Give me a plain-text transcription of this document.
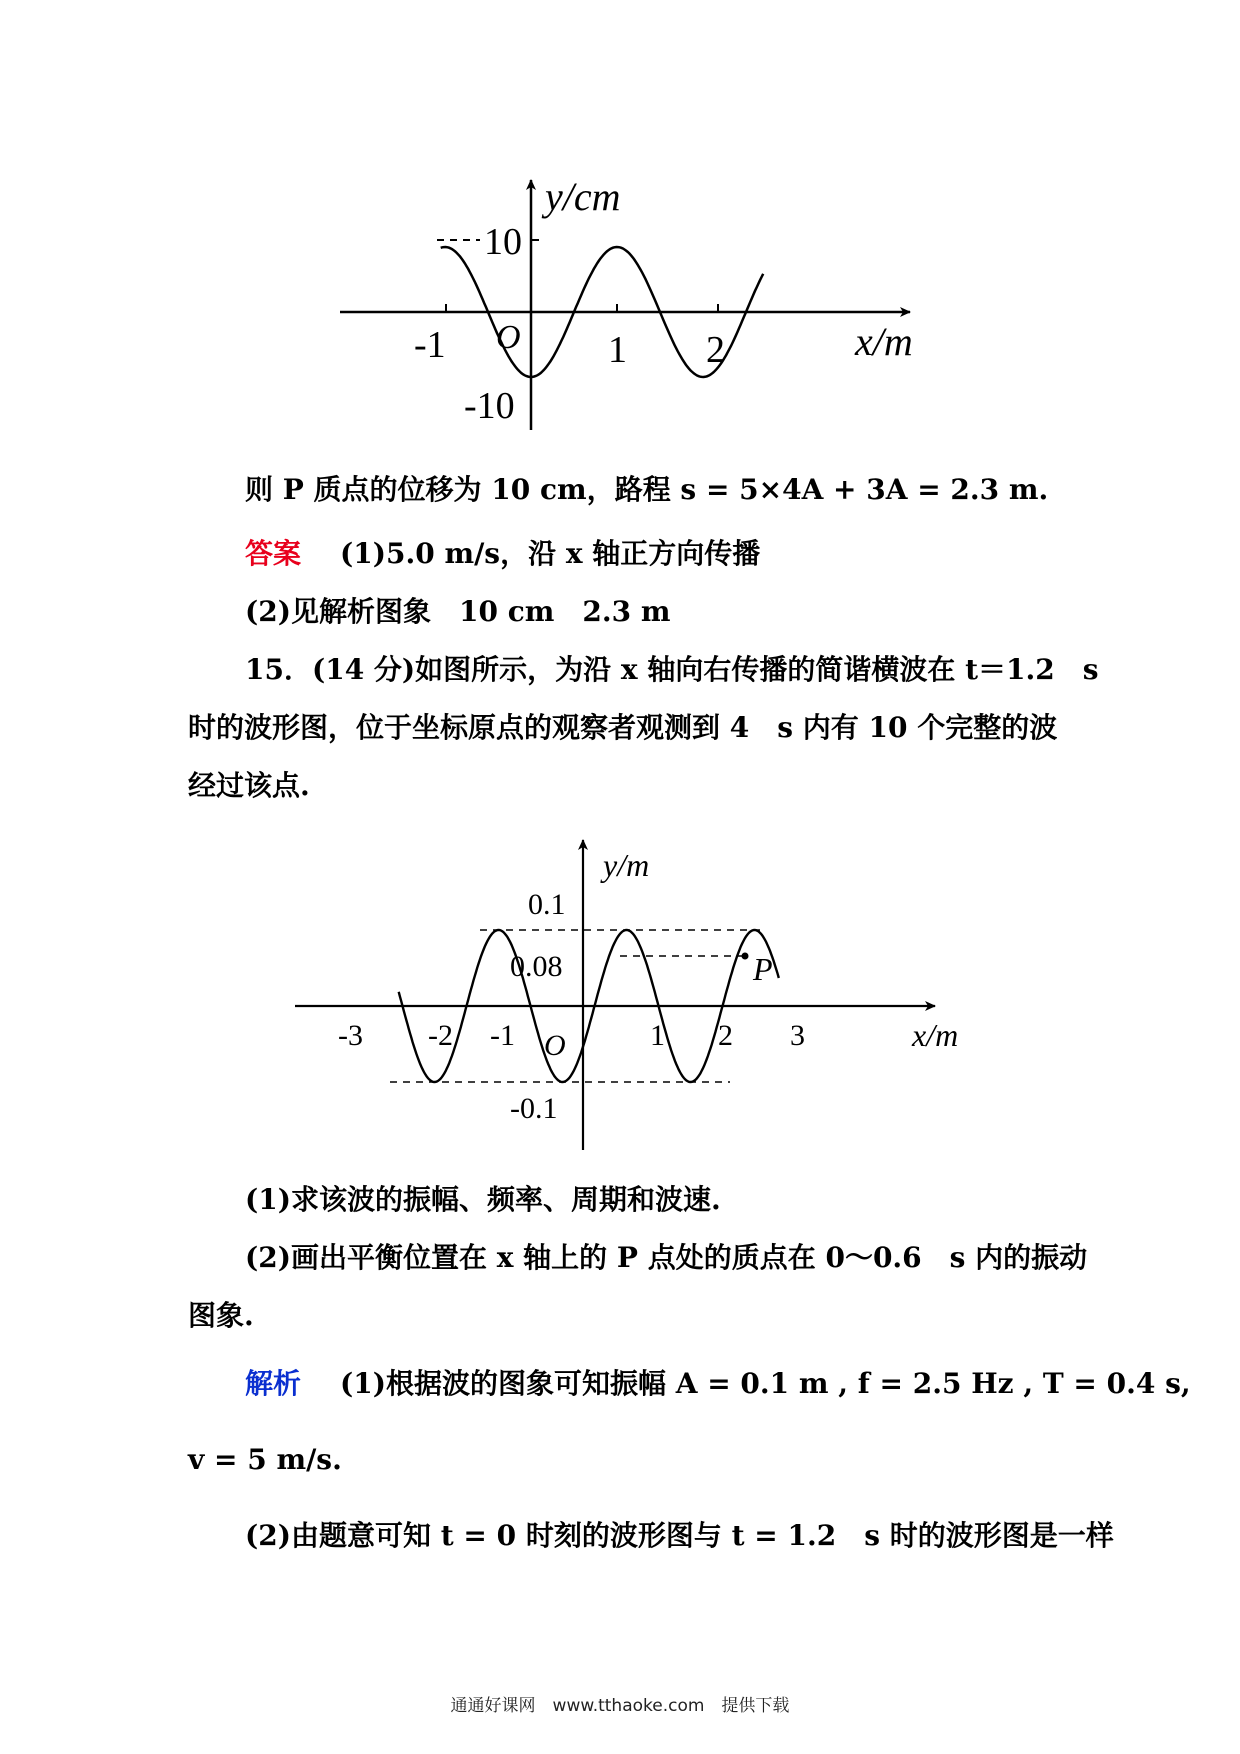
y/cm
x/m
O
10
-10
-1	1 2
则 P 质点的位移为 10 cm，路程 s = 5×4A + 3A = 2.3 m.
答案 (1)5.0 m/s，沿 x 轴正方向传播
(2)见解析图象　10 cm　2.3 m
15．(14 分)如图所示，为沿 x 轴向右传播的简谐横波在 t＝1.2　s
时的波形图，位于坐标原点的观察者观测到 4　s 内有 10 个完整的波
经过该点.
P
y/m
x/m
O
0.1
0.08
-0.1
-3 -2 -1	1 2 3
(1)求该波的振幅、频率、周期和波速.
(2)画出平衡位置在 x 轴上的 P 点处的质点在 0～0.6　s 内的振动
图象.
解析 (1)根据波的图象可知振幅 A = 0.1 m , f = 2.5 Hz , T = 0.4 s,
v = 5 m/s.
(2)由题意可知 t = 0 时刻的波形图与 t = 1.2　s 时的波形图是一样
通通好课网　www.tthaoke.com　提供下载
